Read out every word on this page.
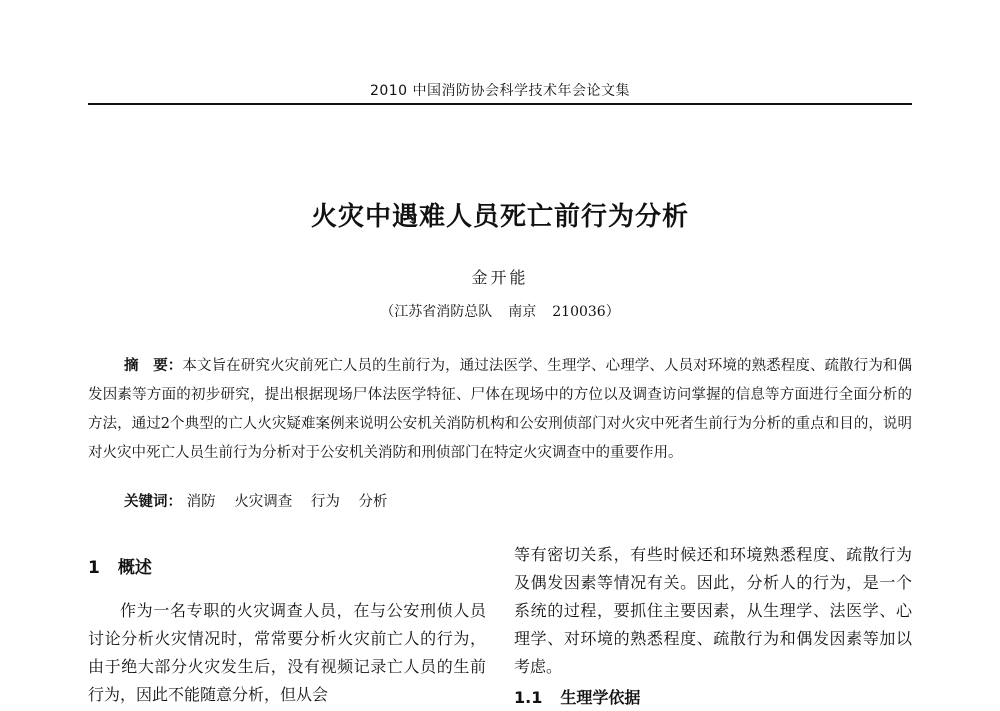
2010 中国消防协会科学技术年会论文集
火灾中遇难人员死亡前行为分析
金开能
（江苏省消防总队 南京 210036）
摘　要：本文旨在研究火灾前死亡人员的生前行为，通过法医学、生理学、心理学、人员对环境的熟悉程度、疏散行为和偶发因素等方面的初步研究，提出根据现场尸体法医学特征、尸体在现场中的方位以及调查访问掌握的信息等方面进行全面分析的方法，通过2个典型的亡人火灾疑难案例来说明公安机关消防机构和公安刑侦部门对火灾中死者生前行为分析的重点和目的，说明对火灾中死亡人员生前行为分析对于公安机关消防和刑侦部门在特定火灾调查中的重要作用。
关键词： 消防 火灾调查 行为 分析
1 概述

作为一名专职的火灾调查人员，在与公安刑侦人员讨论分析火灾情况时，常常要分析火灾前亡人的行为，由于绝大部分火灾发生后，没有视频记录亡人员的生前行为，因此不能随意分析，但从会

等有密切关系，有些时候还和环境熟悉程度、疏散行为及偶发因素等情况有关。因此，分析人的行为，是一个系统的过程，要抓住主要因素，从生理学、法医学、心理学、对环境的熟悉程度、疏散行为和偶发因素等加以考虑。

1.1 生理学依据
